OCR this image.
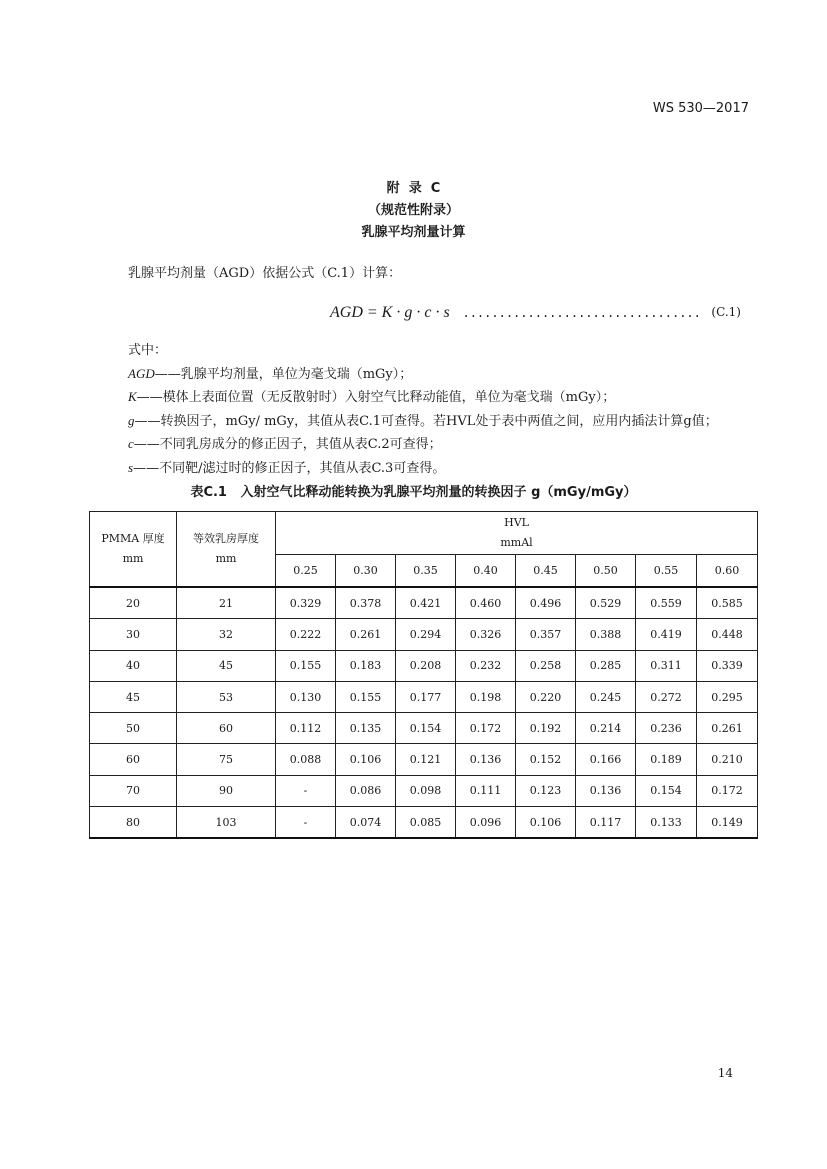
WS 530—2017
附  录  C
（规范性附录）
乳腺平均剂量计算
乳腺平均剂量（AGD）依据公式（C.1）计算：
AGD = K · g · c · s ................................. (C.1)
式中：
AGD——乳腺平均剂量，单位为毫戈瑞（mGy）；
K——模体上表面位置（无反散射时）入射空气比释动能值，单位为毫戈瑞（mGy）；
g——转换因子，mGy/ mGy，其值从表C.1可查得。若HVL处于表中两值之间，应用内插法计算g值；
c——不同乳房成分的修正因子，其值从表C.2可查得；
s——不同靶/滤过时的修正因子，其值从表C.3可查得。
表C.1   入射空气比释动能转换为乳腺平均剂量的转换因子 g（mGy/mGy）
PMMA 厚度
mm	等效乳房厚度
mm	HVL
mmAl							

		0.25	0.30	0.35	0.40	0.45	0.50	0.55	0.60
20	21	0.329	0.378	0.421	0.460	0.496	0.529	0.559	0.585
30	32	0.222	0.261	0.294	0.326	0.357	0.388	0.419	0.448
40	45	0.155	0.183	0.208	0.232	0.258	0.285	0.311	0.339
45	53	0.130	0.155	0.177	0.198	0.220	0.245	0.272	0.295
50	60	0.112	0.135	0.154	0.172	0.192	0.214	0.236	0.261
60	75	0.088	0.106	0.121	0.136	0.152	0.166	0.189	0.210
70	90	-	0.086	0.098	0.111	0.123	0.136	0.154	0.172
80	103	-	0.074	0.085	0.096	0.106	0.117	0.133	0.149
14
